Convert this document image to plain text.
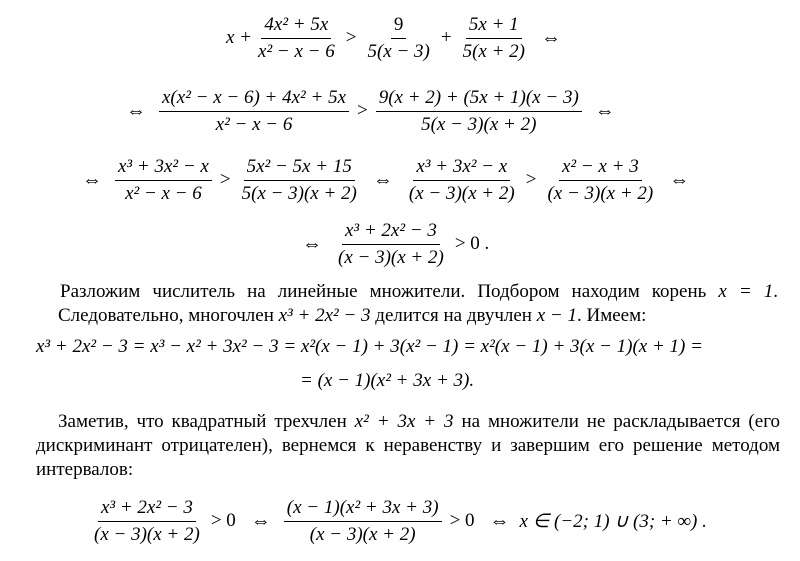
$x + \frac{\text{4x² + 5x}}{\text{x² − x − 6}} > \frac{9}{5(x - 3)} + \frac{5x + 1}{5(x + 2)}$ ⇔
⇔ $\frac{\text{x(x² − x − 6) + 4x² + 5x}}{\text{x² − x − 6}} > \frac{9(x + 2) + (5x + 1)(x - 3)}{5(x - 3)(x + 2)}$ ⇔
⇔ $\frac{\text{x³ + 3x² − x}}{\text{x² − x − 6}} > \frac{\text{5x² − 5x + 15}}{5(x - 3)(x + 2)}$ ⇔ $\frac{\text{x³ + 3x² − x}}{(x - 3)(x + 2)} > \frac{\text{x² − x + 3}}{(x - 3)(x + 2)}$ ⇔
⇔ $\frac{\text{x³ + 2x² − 3}}{(x - 3)(x + 2)} > 0$ .
Разложим числитель на линейные множители. Подбором находим корень x = 1. Следовательно, многочлен x³ + 2x² − 3 делится на двучлен x − 1. Имеем:
x³ + 2x² − 3 = x³ − x² + 3x² − 3 = x²(x − 1) + 3(x² − 1) = x²(x − 1) + 3(x − 1)(x + 1) =
= (x − 1)(x² + 3x + 3).
Заметив, что квадратный трехчлен x² + 3x + 3 на множители не раскладывается (его дискриминант отрицателен), вернемся к неравенству и завершим его решение методом интервалов:
$\frac{\text{x³ + 2x² − 3}}{(x - 3)(x + 2)} > 0$ ⇔ $\frac{\text{(x − 1)(x² + 3x + 3)}}{(x - 3)(x + 2)} > 0$ ⇔ x ∈ (−2; 1) ∪ (3; + ∞) .
